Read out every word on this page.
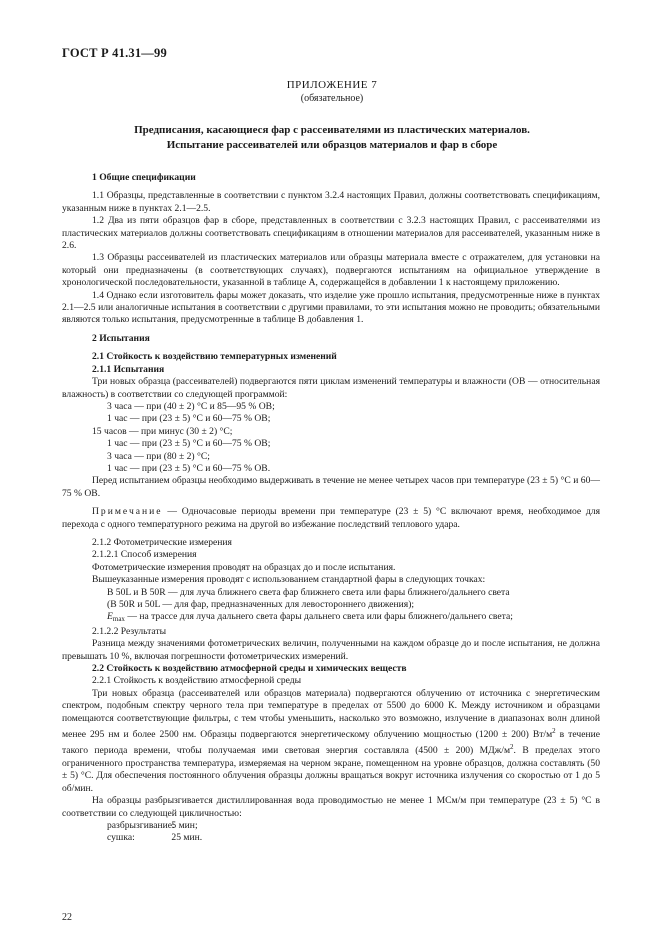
ГОСТ Р 41.31—99
ПРИЛОЖЕНИЕ 7
(обязательное)
Предписания, касающиеся фар с рассеивателями из пластических материалов.
Испытание рассеивателей или образцов материалов и фар в сборе

1 Общие спецификации

1.1 Образцы, представленные в соответствии с пунктом 3.2.4 настоящих Правил, должны соответствовать спецификациям, указанным ниже в пунктах 2.1—2.5.

1.2 Два из пяти образцов фар в сборе, представленных в соответствии с 3.2.3 настоящих Правил, с рассеивателями из пластических материалов должны соответствовать спецификациям в отношении материалов для рассеивателей, указанным ниже в 2.6.

1.3 Образцы рассеивателей из пластических материалов или образцы материала вместе с отражателем, для установки на который они предназначены (в соответствующих случаях), подвергаются испытаниям на официальное утверждение в хронологической последовательности, указанной в таблице А, содержащейся в добавлении 1 к настоящему приложению.

1.4 Однако если изготовитель фары может доказать, что изделие уже прошло испытания, предусмотренные ниже в пунктах 2.1—2.5 или аналогичные испытания в соответствии с другими правилами, то эти испытания можно не проводить; обязательными являются только испытания, предусмотренные в таблице В добавления 1.

2 Испытания

2.1 Стойкость к воздействию температурных изменений

2.1.1 Испытания

Три новых образца (рассеивателей) подвергаются пяти циклам изменений температуры и влажности (ОВ — относительная влажность) в соответствии со следующей программой:

3 часа — при (40 ± 2) °С и 85—95 % ОВ;

1 час — при (23 ± 5) °С и 60—75 % ОВ;

15 часов — при минус (30 ± 2) °С;

1 час — при (23 ± 5) °С и 60—75 % ОВ;

3 часа — при (80 ± 2) °С;

1 час — при (23 ± 5) °С и 60—75 % ОВ.

Перед испытанием образцы необходимо выдерживать в течение не менее четырех часов при температуре (23 ± 5) °С и 60—75 % ОВ.

Примечание — Одночасовые периоды времени при температуре (23 ± 5) °С включают время, необходимое для перехода с одного температурного режима на другой во избежание последствий теплового удара.

2.1.2 Фотометрические измерения

2.1.2.1 Способ измерения

Фотометрические измерения проводят на образцах до и после испытания.

Вышеуказанные измерения проводят с использованием стандартной фары в следующих точках:

В 50L и В 50R — для луча ближнего света фар ближнего света или фары ближнего/дальнего света

(В 50R и 50L — для фар, предназначенных для левостороннего движения);

$E_{max}$ — на трассе для луча дальнего света фары дальнего света или фары ближнего/дальнего света;

2.1.2.2 Результаты

Разница между значениями фотометрических величин, полученными на каждом образце до и после испытания, не должна превышать 10 %, включая погрешности фотометрических измерений.

2.2 Стойкость к воздействию атмосферной среды и химических веществ

2.2.1 Стойкость к воздействию атмосферной среды

Три новых образца (рассеивателей или образцов материала) подвергаются облучению от источника с энергетическим спектром, подобным спектру черного тела при температуре в пределах от 5500 до 6000 К. Между источником и образцами помещаются соответствующие фильтры, с тем чтобы уменьшить, насколько это возможно, излучение в диапазонах волн длиной менее 295 нм и более 2500 нм. Образцы подвергаются энергетическому облучению мощностью (1200 ± 200) $Вт/м^2$ в течение такого периода времени, чтобы получаемая ими световая энергия составляла (4500 ± 200) МДж/$м^2$. В пределах этого ограниченного пространства температура, измеряемая на черном экране, помещенном на уровне образцов, должна составлять (50 ± 5) °С. Для обеспечения постоянного облучения образцы должны вращаться вокруг источника излучения со скоростью от 1 до 5 об/мин.

На образцы разбрызгивается дистиллированная вода проводимостью не менее 1 МСм/м при температуре (23 ± 5) °С в соответствии со следующей цикличностью:

разбрызгивание: 5 мин;

сушка:	25 мин.

22
